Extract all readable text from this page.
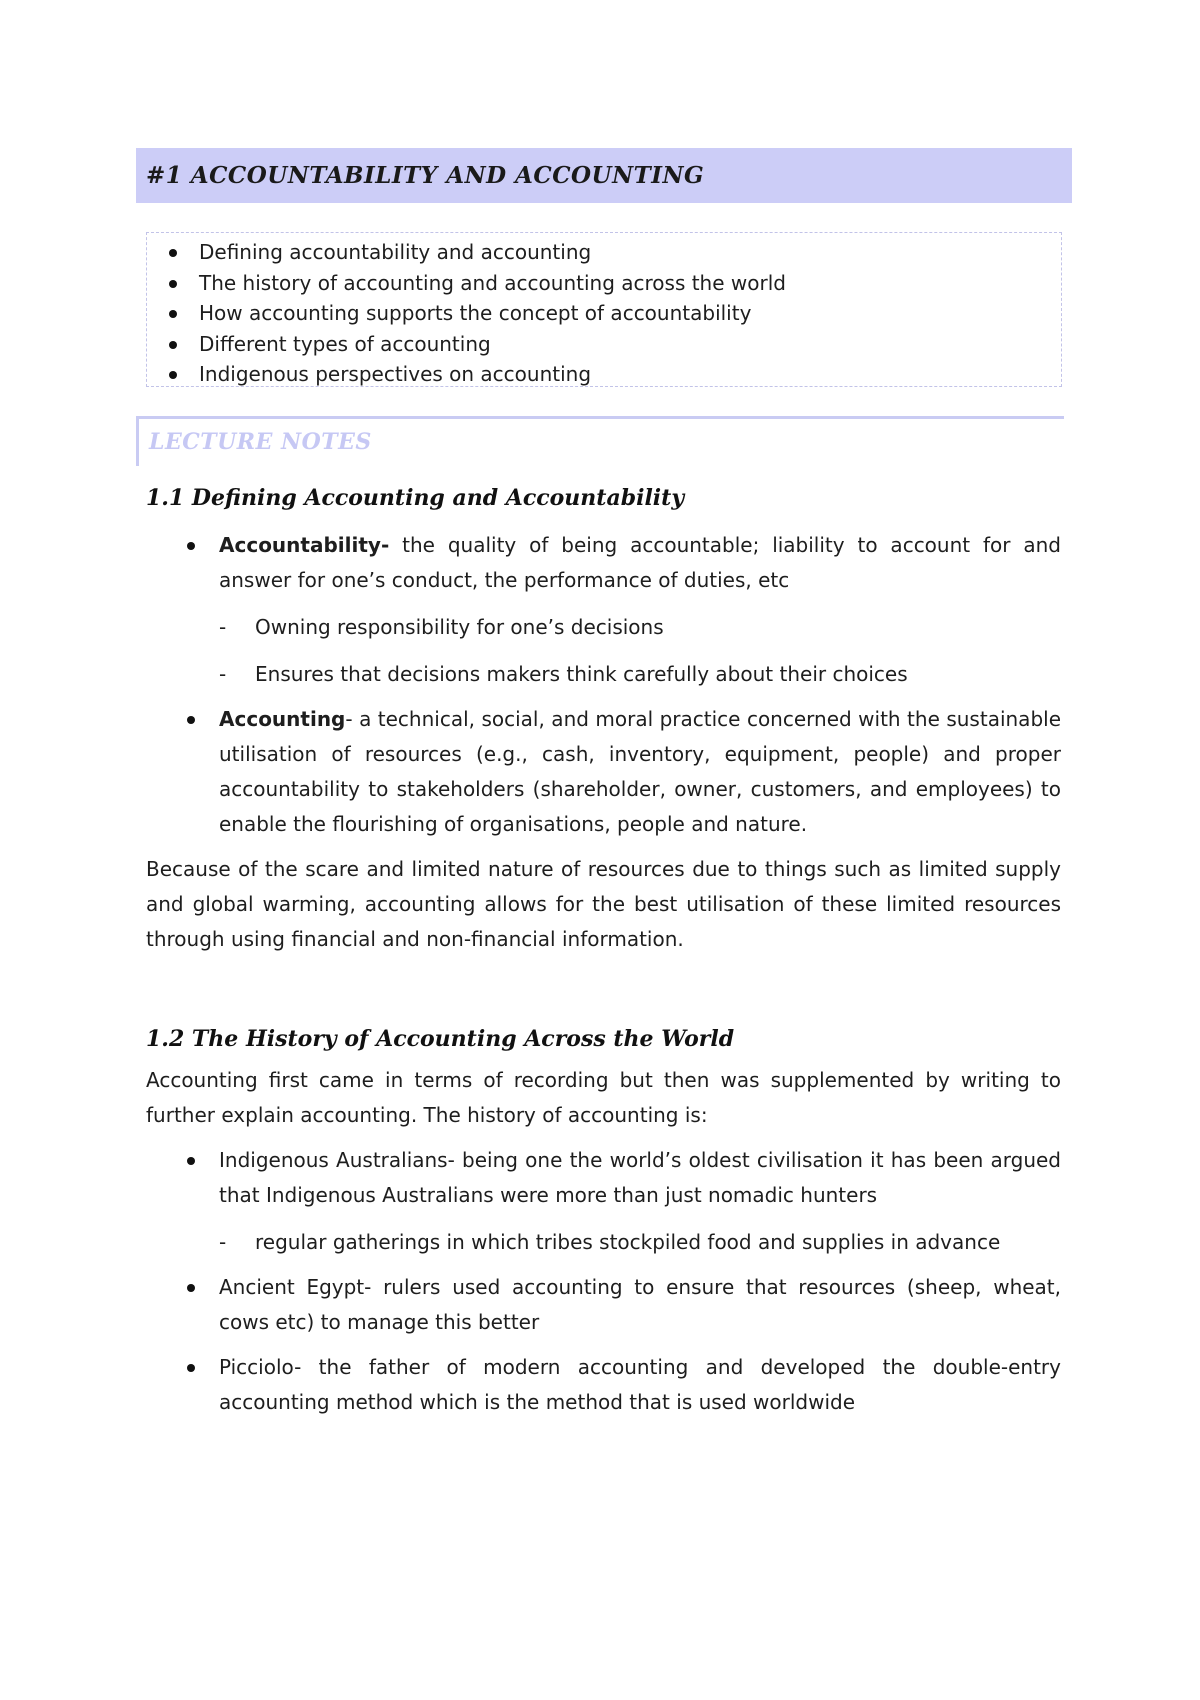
#1 ACCOUNTABILITY AND ACCOUNTING
Defining accountability and accounting
The history of accounting and accounting across the world
How accounting supports the concept of accountability
Different types of accounting
Indigenous perspectives on accounting
LECTURE NOTES
1.1 Defining Accounting and Accountability
Accountability- the quality of being accountable; liability to account for and answer for one’s conduct, the performance of duties, etc
- Owning responsibility for one’s decisions
- Ensures that decisions makers think carefully about their choices
Accounting- a technical, social, and moral practice concerned with the sustainable utilisation of resources (e.g., cash, inventory, equipment, people) and proper accountability to stakeholders (shareholder, owner, customers, and employees) to enable the flourishing of organisations, people and nature.

Because of the scare and limited nature of resources due to things such as limited supply and global warming, accounting allows for the best utilisation of these limited resources through using financial and non-financial information.

1.2 The History of Accounting Across the World

Accounting first came in terms of recording but then was supplemented by writing to further explain accounting. The history of accounting is:

Indigenous Australians- being one the world’s oldest civilisation it has been argued that Indigenous Australians were more than just nomadic hunters
- regular gatherings in which tribes stockpiled food and supplies in advance
Ancient Egypt- rulers used accounting to ensure that resources (sheep, wheat, cows etc) to manage this better
Picciolo- the father of modern accounting and developed the double-entry accounting method which is the method that is used worldwide
